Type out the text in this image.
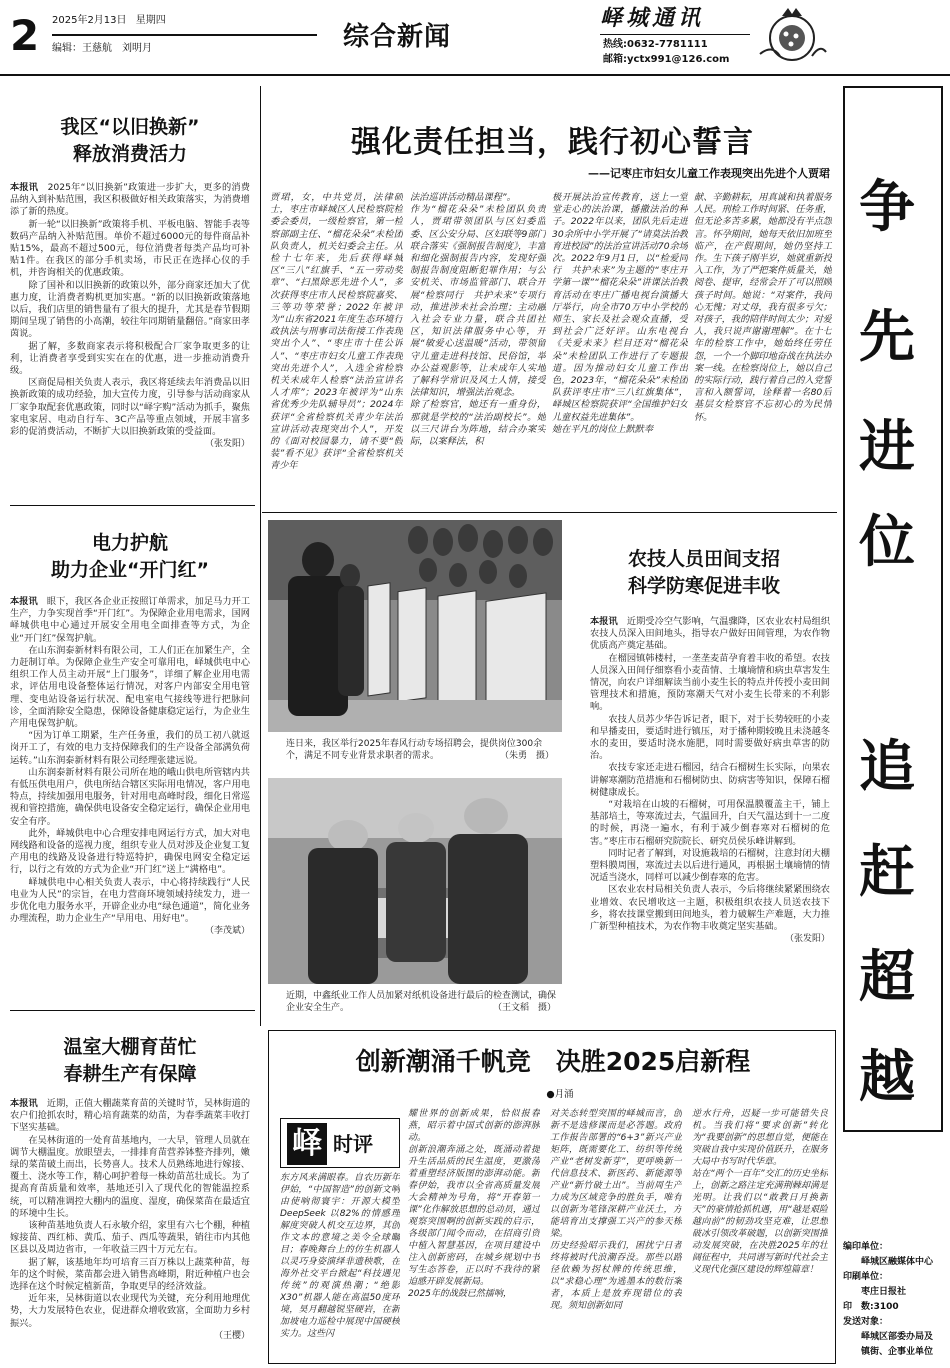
2	2025年2月13日 星期四
编辑：王慈航　刘明月	综合新闻
峄城通讯
热线:0632-7781111
邮箱:yctx991@126.com
争
先
进
位
追
赶
超
越

编印单位：

峄城区融媒体中心

印刷单位：

枣庄日报社

印　数:3100

发送对象：

峄城区部委办局及

镇街、企事业单位

我区“以旧换新”
释放消费活力

本报讯　2025年“以旧换新”政策进一步扩大，更多的消费品纳入到补贴范围，我区积极做好相关政策落实，为消费增添了新的热度。

新一轮“以旧换新”政策将手机、平板电脑、智能手表等数码产品纳入补贴范围。单价不超过6000元的每件商品补贴15%，最高不超过500元，每位消费者每类产品均可补贴1件。在我区的部分手机卖场，市民正在选择心仪的手机，并咨询相关的优惠政策。

除了国补和以旧换新的政策以外，部分商家还加大了优惠力度，让消费者购机更加实惠。“新的以旧换新政策落地以后，我们店里的销售量有了很大的提升，尤其是春节假期期间呈现了销售的小高潮，较往年同期销量翻倍。”商家田孝茵说。

据了解，多数商家表示将积极配合厂家争取更多的让利，让消费者享受到实实在在的优惠，进一步推动消费升级。

区商促局相关负责人表示，我区将延续去年消费品以旧换新政策的成功经验，加大宣传力度，引导参与活动商家从厂家争取配套优惠政策，同时以“峄字购”活动为抓手，聚焦家电家居、电动自行车、3C产品等重点领域，开展丰富多彩的促消费活动，不断扩大以旧换新政策的受益面。

（张发阳）
电力护航
助力企业“开门红”

本报讯　眼下，我区各企业正按照订单需求，加足马力开工生产，力争实现首季“开门红”。为保障企业用电需求，国网峄城供电中心通过开展安全用电全面排查等方式，为企业“开门红”保驾护航。

在山东润泰新材料有限公司，工人们正在加紧生产，全力赶制订单。为保障企业生产安全可靠用电，峄城供电中心组织工作人员主动开展“上门服务”，详细了解企业用电需求，评估用电设备整体运行情况，对客户内部安全用电管理、变电站设备运行状况、配电室电气接线等进行把脉问诊，全面消除安全隐患，保障设备健康稳定运行，为企业生产用电保驾护航。

“因为订单工期紧，生产任务重，我们的员工初八就返岗开工了，有效的电力支持保障我们的生产设备全部满负荷运转。”山东润泰新材料有限公司经理张建远说。

山东润泰新材料有限公司所在地的峨山供电所管辖内共有低压供电用户，供电所结合辖区实际用电情况，客户用电特点，持续加强用电服务，针对用电高峰时段，细化日常巡视和管控措施，确保供电设备安全稳定运行，确保企业用电安全有序。

此外，峄城供电中心合理安排电网运行方式，加大对电网线路和设备的巡视力度，组织专业人员对涉及企业复工复产用电的线路及设备进行特巡特护，确保电网安全稳定运行，以行之有效的方式为企业“开门红”送上“满格电”。

峄城供电中心相关负责人表示，中心将持续践行“人民电业为人民”的宗旨，在电力营商环境领域持续发力，进一步优化电力服务水平，开辟企业办电“绿色通道”，简化业务办理流程，助力企业生产“早用电、用好电”。

（李茂斌）
温室大棚育苗忙
春耕生产有保障

本报讯　近期，正值大棚蔬菜育苗的关键时节，吴林街道的农户们抢抓农时，精心培育蔬菜的幼苗，为春季蔬菜丰收打下坚实基础。

在吴林街道的一处育苗基地内，一大早，管理人员就在调节大棚温度。放眼望去，一排排育苗营养钵整齐排列，嫩绿的菜苗破土而出，长势喜人。技术人员熟练地进行嫁接、覆土、浇水等工作，精心呵护着每一株幼苗茁壮成长。为了提高育苗质量和效率，基地还引入了现代化的智能温控系统，可以精准调控大棚内的温度、湿度，确保菜苗在最适宜的环境中生长。

该种苗基地负责人石永敏介绍，家里有六七个棚，种植嫁接苗、西红柿、黄瓜、茄子、西瓜等蔬果，销往市内其他区县以及周边省市，一年收益三四十万元左右。

据了解，该基地年均可培育三百万株以上蔬菜种苗，每年的这个时候，菜苗都会进入销售高峰期，附近种植户也会选择在这个时候定植新苗，争取更早的经济效益。

近年来，吴林街道以农业现代为关键，充分利用地理优势，大力发展特色农业，促进群众增收致富，全面助力乡村振兴。

（王樱）
强化责任担当，践行初心誓言
——记枣庄市妇女儿童工作表现突出先进个人贾珺
贾珺，女，中共党员，法律硕士，枣庄市峄城区人民检察院检委会委员，一级检察官，第一检察部副主任、“榴花朵朵”未检团队负责人，机关妇委会主任。从检十七年来，先后获得峄城区“三八”红旗手、“五一劳动奖章”、“扫黑除恶先进个人”，多次获得枣庄市人民检察院嘉奖、三等功等荣誉；2022年被评为“山东省2021年度生态环境行政执法与刑事司法衔接工作表现突出个人”、“枣庄市十佳公诉人”、“枣庄市妇女儿童工作表现突出先进个人”，入选全省检察机关未成年人检察“法治宣讲名人才库”；2023年被评为“山东省优秀少先队辅导员”；2024年获评“全省检察机关青少年法治宣讲活动表现突出个人”，开发的《面对校园暴力，请不要“假装”看不见》获评“全省检察机关青少年
法治巡讲活动精品课程”。
作为“榴花朵朵”未检团队负责人，贾珺带领团队与区妇委监委、区公安分局、区妇联等9部门联合落实《强制报告制度》，丰富和细化强制报告内容，发现好强制报告制度阻断犯罪作用；与公安机关、市场监管部门、联合开展“检察同行　共护未来”专项行动，推进涉未社会治理；主动融入社会专业力量，联合共团社区，知识法律服务中心等，开展“敏爱心送温暖”活动，带领留守儿童走进科技馆、民俗馆，举办公益观影等，让未成年人实地了解科学常识及风土人情，接受法律知识，增强法治观念。
除了检察官，她还有一重身份，那就是学校的“法治副校长”。她以三尺讲台为阵地，结合办案实际，以案释法，积
极开展法治宣传教育，送上一堂堂走心的法治课，播撒法治的种子。2022年以来，团队先后走进30余所中小学开展了“请莫法治教育进校园”的法治宣讲活动70余场次。2022年9月1日，以“检爱同行　共护未来”为主题的“枣庄开学第一课”“榴花朵朵”讲课法治教育活动在枣庄广播电视台演播大厅举行，向全市70万中小学校的师生、家长及社会观众直播，受到社会广泛好评。山东电视台《关爱未来》栏目还对“榴花朵朵”未检团队工作进行了专题报道。因为推动妇女儿童工作出色，2023年，“榴花朵朵”未检团队获评枣庄市“三八红旗集体”，峄城区检察院获评“全国维护妇女儿童权益先进集体”。
她在平凡的岗位上默默奉
献、辛勤耕耘，用真诚和执着服务人民。刑检工作时间紧、任务重，但无论多苦多累，她都没有半点怨言。怀孕期间，她每天依旧加班至临产，在产假期间，她仍坚持工作。生下孩子刚半岁，她就重新投入工作，为了严把案件质量关，她阅卷、提审，经常会开了可以照顾孩子时间。她说：“对案件，我问心无愧；对丈母，我有很多亏欠；对孩子，我的陪伴时间太少；对爱人，我只说声谢谢理解”。在十七年的检察工作中，她始终任劳任怨，一个一个脚印地奋战在执法办案一线。在检察岗位上，她以自己的实际行动，践行着自己的入党誓言和入额誓词，诠释着一名80后基层女检察官不忘初心的为民情怀。
连日来，我区举行2025年春风行动专场招聘会，提供岗位300余个，满足不同专业背景求职者的需求。	（朱勇　摄）
近期，中鑫纸业工作人员加紧对纸机设备进行最后的检查测试，确保企业安全生产。	（王文稻　摄）
农技人员田间支招
科学防寒促进丰收

本报讯　近期受冷空气影响，气温骤降，区农业农村局组织农技人员深入田间地头，指导农户做好田间管理，为农作物优质高产奠定基础。

在榴园镇韩楼村，一垄垄麦苗孕育着丰收的希望。农技人员深入田间仔细察看小麦苗情、土壤墒情和病虫草害发生情况，向农户详细解读当前小麦生长的特点并传授小麦田间管理技术和措施，预防寒潮天气对小麦生长带来的不利影响。

农技人员苏少华告诉记者，眼下，对于长势较旺的小麦和早播麦田，要适时进行镇压，对于播种期较晚且未浇越冬水的麦田，要适时浇水施肥，同时需要做好病虫草害的防治。

农技专家还走进石榴园，结合石榴树生长实际，向果农讲解寒潮防范措施和石榴树防虫、防病害等知识，保障石榴树健康成长。

“对栽培在山坡的石榴树，可用保温膜覆盖主干，铺上基部培土，等寒流过去，气温回升，白天气温达到十一二度的时候，再浇一遍水，有利于减少倒春寒对石榴树的危害。”枣庄市石榴研究院院长、研究员侯乐峰讲解到。

同时记者了解到，对设施栽培的石榴树，注意封闭大棚塑料膜周围，寒流过去以后进行通风，再根据土壤墒情的情况适当浇水，同样可以减少倒春寒的危害。

区农业农村局相关负责人表示，今后将继续紧紧围绕农业增效、农民增收这一主题，积极组织农技人员送农技下乡，将农技课堂搬到田间地头，着力破解生产难题，大力推广新型种植技术，为农作物丰收奠定坚实基础。

（张发阳）
创新潮涌千帆竞　决胜2025启新程
●月涌
峄 时评
东方风来满眼春。自农历新年伊始，“中国智造”的创新文响由使响彻寰宇：开源大模型DeepSeek 以82%的情感理解度突破人机交互边界，其创作文本的意境之美令全球瞩目；春晚舞台上的仿生机器人以灵巧身姿演绎非遗秧歌，在海外社交平台掀起“科技遇见传统”的观演热潮；“绝影X30”机器人能在高温50度环境，昊月翻越锐坚硬岩，在新加坡电力巡检中展现中国硬核实力。这些闪
耀世界的创新成果，恰似报春燕，昭示着中国式创新的澎湃脉动。
创新浪潮奔涌之处，既涌动着提升生活品质的民生温度，更激荡着重塑经济版图的澎湃动能。新春伊始，我市以全省高质量发展大会精神为号角，将“开春第一课”化作解放思想的总动员，通过观察突围啊的创新实践的启示，各级部门闻令而动，在招商引资中植入智慧基因，在项目建设中注入创新密码，在城乡规划中书写生态答卷，正以时不我待的紧迫感开辟发展新局。
2025年的战鼓已然擂响，
对关态转型突围的峄城而言，创新不是选修课而是必答题。政府工作报告部署的“6+3”新兴产业矩阵，既需要化工、纺织等传统产业“老树发新芽”，更呼唤新一代信息技术、新医药、新能源等产业“新竹破土出”。当前周生产力成为区域竞争的胜负手，唯有以创新为笔锋深耕产业沃土，方能培育出支撑强工兴产的参天栋梁。
历史经验昭示我们，困扰宁日者终将被时代浪潮吞没。那些以路径依赖为拐杖牌的传统思维，以“求稳心理”为逃墨本的数衍案者，本质上是放弃现错位的表现。须知创新如同
逆水行舟，迟疑一步可能错失良机。当我们将“要求创新”转化为“我要创新”的思想自觉，便能在突破自我中实现价值跃升，在服务大局中书写时代华章。
站在“两个一百年”交汇的历史坐标上，创新之路注定充满荆棘却满是光明。让我们以“敢教日月换新天”的豪情抢抓机遇，用“越是艰险越向前”的韧劲攻坚克难，让思想破冰引领改革破题，以创新突围推动发展突破，在决胜2025年的壮阔征程中，共同谱写新时代社会主义现代化强区建设的辉煌篇章！
